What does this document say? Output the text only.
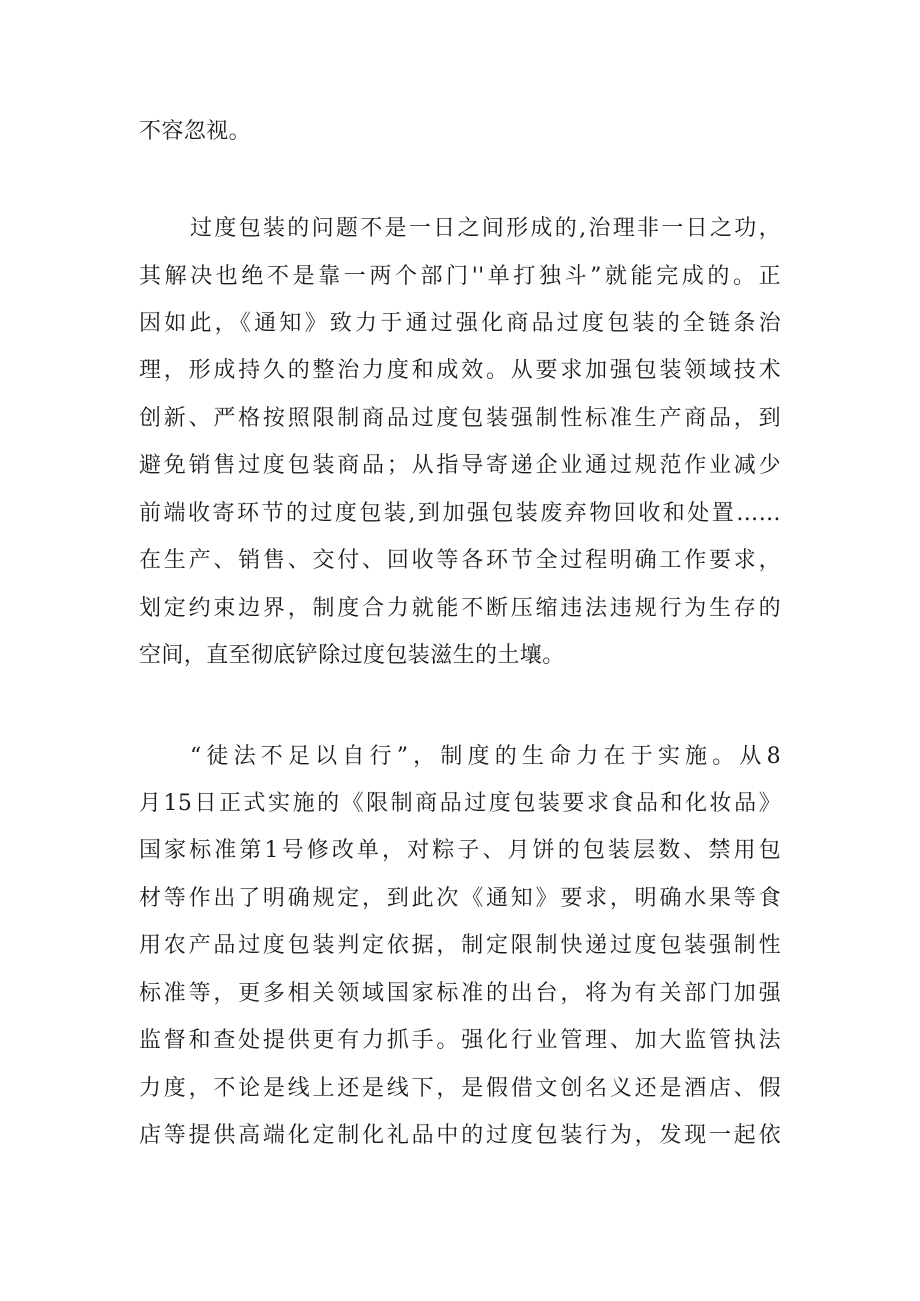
不容忽视。
过度包装的问题不是一日之间形成的,治理非一日之功，
其解决也绝不是靠一两个部门''单打独斗”就能完成的。正
因如此，《通知》致力于通过强化商品过度包装的全链条治
理，形成持久的整治力度和成效。从要求加强包装领域技术
创新、严格按照限制商品过度包装强制性标准生产商品，到
避免销售过度包装商品；从指导寄递企业通过规范作业减少
前端收寄环节的过度包装,到加强包装废弃物回收和处置……
在生产、销售、交付、回收等各环节全过程明确工作要求，
划定约束边界，制度合力就能不断压缩违法违规行为生存的
空间，直至彻底铲除过度包装滋生的土壤。
“徒法不足以自行”，制度的生命力在于实施。从8
月15日正式实施的《限制商品过度包装要求食品和化妆品》
国家标准第1号修改单，对粽子、月饼的包装层数、禁用包
材等作出了明确规定，到此次《通知》要求，明确水果等食
用农产品过度包装判定依据，制定限制快递过度包装强制性
标准等，更多相关领域国家标准的出台，将为有关部门加强
监督和查处提供更有力抓手。强化行业管理、加大监管执法
力度，不论是线上还是线下，是假借文创名义还是酒店、假
店等提供高端化定制化礼品中的过度包装行为，发现一起依
